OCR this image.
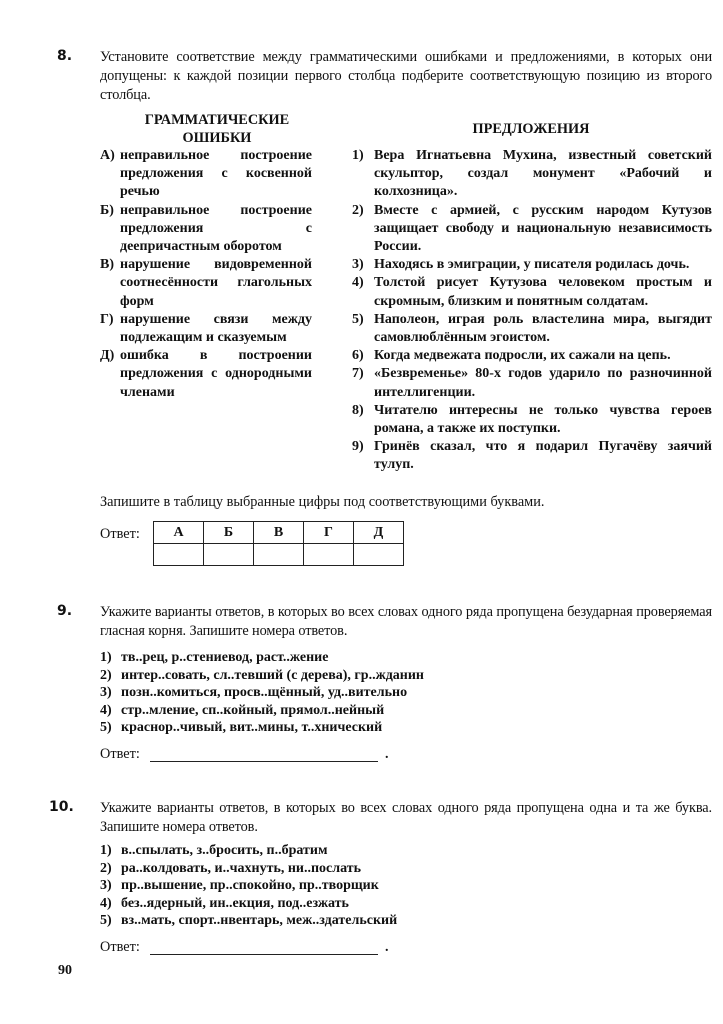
8. Установите соответствие между грамматическими ошибками и предложениями, в которых они допущены: к каждой позиции первого столбца подберите соответствующую позицию из второго столбца.
ГРАММАТИЧЕСКИЕ
ОШИБКИ
ПРЕДЛОЖЕНИЯ
А) неправильное построение предложения с косвенной речью
Б) неправильное построение предложения с деепричастным оборотом
В) нарушение видовременной соотнесённости глагольных форм
Г) нарушение связи между подлежащим и сказуемым
Д) ошибка в построении предложения с однородными членами
1) Вера Игнатьевна Мухина, известный советский скульптор, создал монумент «Рабочий и колхозница».
2) Вместе с армией, с русским народом Кутузов защищает свободу и национальную независимость России.
3) Находясь в эмиграции, у писателя родилась дочь.
4) Толстой рисует Кутузова человеком простым и скромным, близким и понятным солдатам.
5) Наполеон, играя роль властелина мира, выгядит самовлюблённым эгоистом.
6) Когда медвежата подросли, их сажали на цепь.
7) «Безвременье» 80-х годов ударило по разночинной интеллигенции.
8) Читателю интересны не только чувства героев романа, а также их поступки.
9) Гринёв сказал, что я подарил Пугачёву заячий тулуп.
Запишите в таблицу выбранные цифры под соответствующими буквами.
Ответ: А	Б	В	Г	Д

9. Укажите варианты ответов, в которых во всех словах одного ряда пропущена безударная проверяемая гласная корня. Запишите номера ответов.
1) тв..рец, р..стениевод, раст..жение
2) интер..совать, сл..тевший (с дерева), гр..жданин
3) позн..комиться, просв..щённый, уд..вительно
4) стр..мление, сп..койный, прямол..нейный
5) краснор..чивый, вит..мины, т..хнический
Ответ:	.
10. Укажите варианты ответов, в которых во всех словах одного ряда пропущена одна и та же буква. Запишите номера ответов.
1) в..спылать, з..бросить, п..братим
2) ра..колдовать, и..чахнуть, ни..послать
3) пр..вышение, пр..спокойно, пр..творщик
4) без..ядерный, ин..екция, под..езжать
5) вз..мать, спорт..нвентарь, меж..здательский
Ответ:	.
90
